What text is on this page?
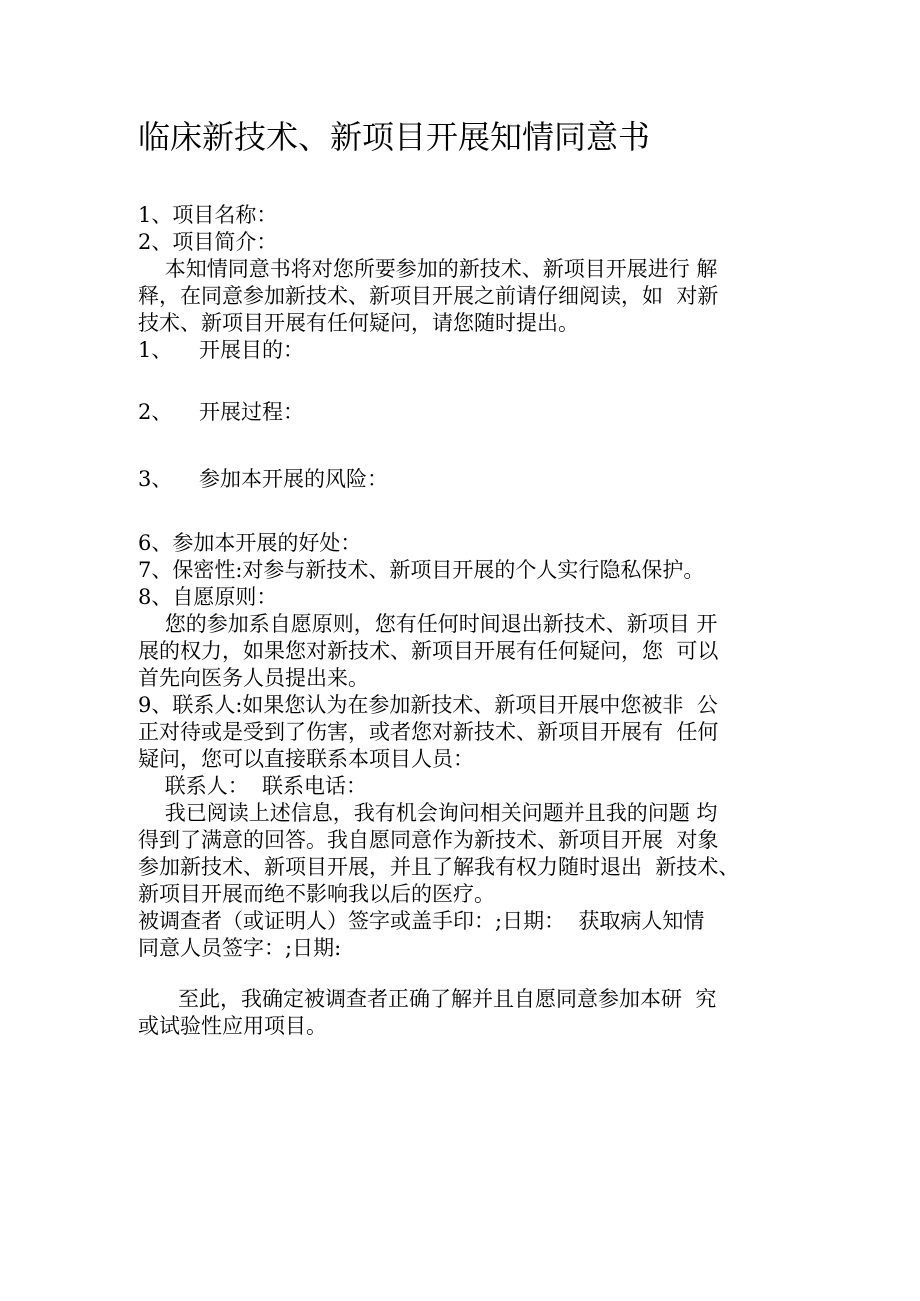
临床新技术、新项目开展知情同意书

1、项目名称：

2、项目简介：

本知情同意书将对您所要参加的新技术、新项目开展进行 解

释，在同意参加新技术、新项目开展之前请仔细阅读，如  对新

技术、新项目开展有任何疑问，请您随时提出。

1、    开展目的：

2、    开展过程：

3、    参加本开展的风险：

6、参加本开展的好处：

7、保密性:对参与新技术、新项目开展的个人实行隐私保护。

8、自愿原则：

您的参加系自愿原则，您有任何时间退出新技术、新项目 开

展的权力，如果您对新技术、新项目开展有任何疑问，您  可以

首先向医务人员提出来。

9、联系人:如果您认为在参加新技术、新项目开展中您被非  公

正对待或是受到了伤害，或者您对新技术、新项目开展有  任何

疑问，您可以直接联系本项目人员：

联系人：  联系电话：

我已阅读上述信息，我有机会询问相关问题并且我的问题 均

得到了满意的回答。我自愿同意作为新技术、新项目开展  对象

参加新技术、新项目开展，并且了解我有权力随时退出  新技术、

新项目开展而绝不影响我以后的医疗。

被调查者（或证明人）签字或盖手印：;日期：  获取病人知情

同意人员签字：;日期:

至此，我确定被调查者正确了解并且自愿同意参加本研  究

或试验性应用项目。
